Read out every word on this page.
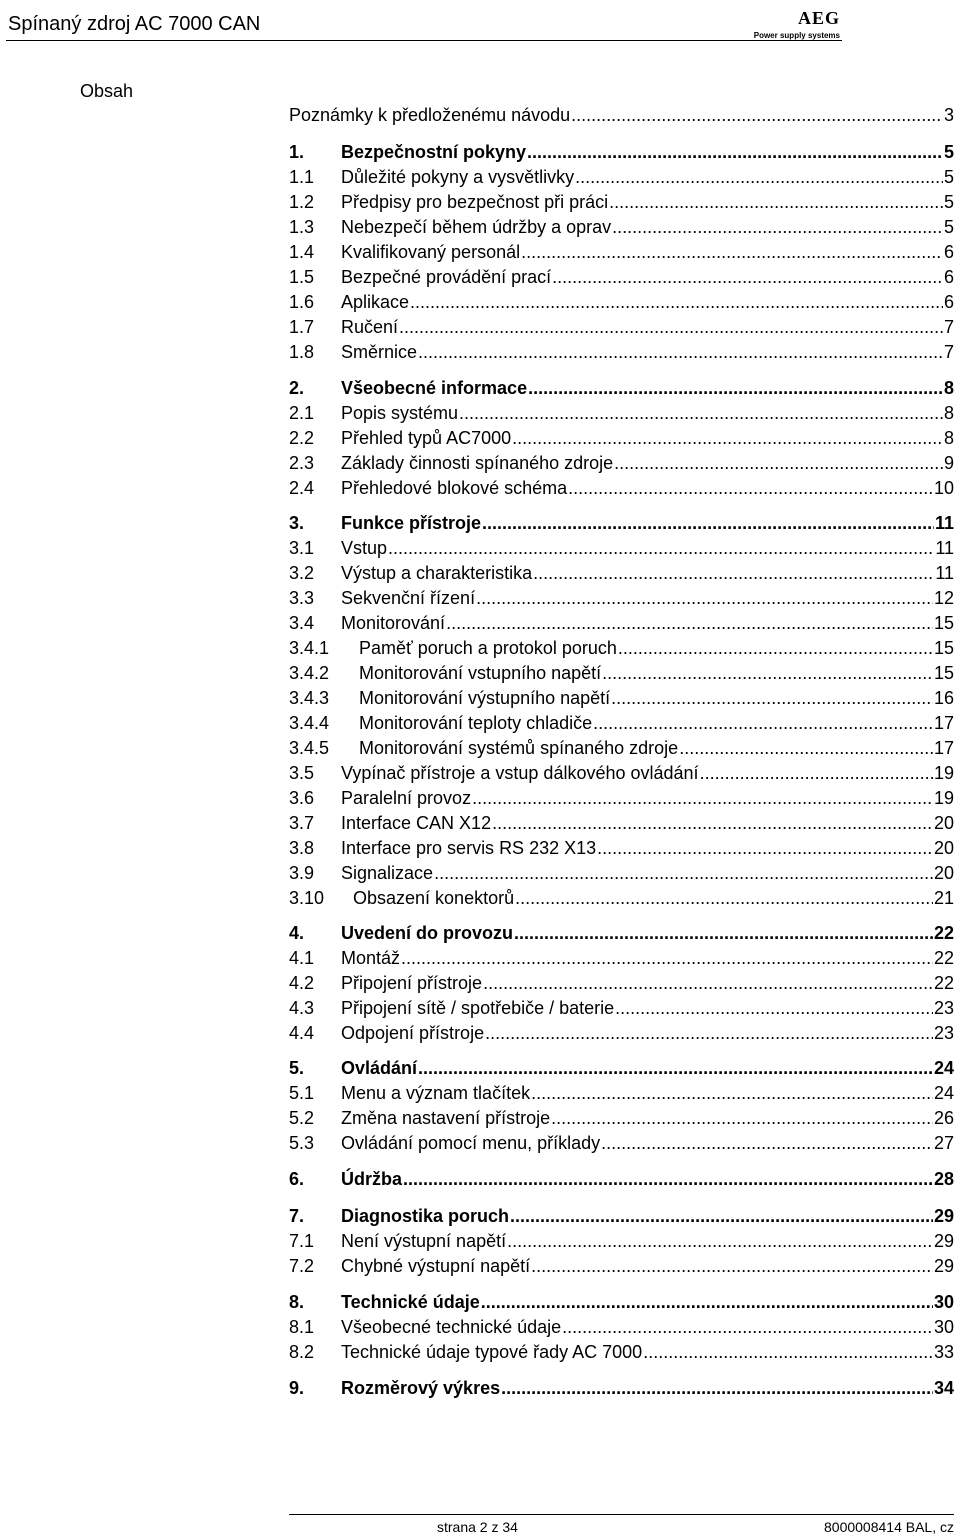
Spínaný zdroj AC 7000 CAN	AEG
Power supply systems
Obsah
Poznámky k předloženému návodu .....	3
1.	Bezpečnostní pokyny .....	5
1.1	Důležité pokyny a vysvětlivky .....	5
1.2	Předpisy pro bezpečnost při práci .....	5
1.3	Nebezpečí během údržby a oprav .....	5
1.4	Kvalifikovaný personál .....	6
1.5	Bezpečné provádění prací .....	6
1.6	Aplikace .....	6
1.7	Ručení .....	7
1.8	Směrnice .....	7
2.	Všeobecné informace .....	8
2.1	Popis systému .....	8
2.2	Přehled typů AC7000 .....	8
2.3	Základy činnosti spínaného zdroje .....	9
2.4	Přehledové blokové schéma .....	10
3.	Funkce přístroje .....	11
3.1	Vstup .....	11
3.2	Výstup a charakteristika .....	11
3.3	Sekvenční řízení .....	12
3.4	Monitorování .....	15
3.4.1	Paměť poruch a protokol poruch .....	15
3.4.2	Monitorování vstupního napětí .....	15
3.4.3	Monitorování výstupního napětí .....	16
3.4.4	Monitorování teploty chladiče .....	17
3.4.5	Monitorování systémů spínaného zdroje .....	17
3.5	Vypínač přístroje a vstup dálkového ovládání .....	19
3.6	Paralelní provoz .....	19
3.7	Interface CAN X12 .....	20
3.8	Interface pro servis RS 232 X13 .....	20
3.9	Signalizace .....	20
3.10	Obsazení konektorů .....	21
4.	Uvedení do provozu .....	22
4.1	Montáž .....	22
4.2	Připojení přístroje .....	22
4.3	Připojení sítě / spotřebiče / baterie .....	23
4.4	Odpojení přístroje .....	23
5.	Ovládání .....	24
5.1	Menu a význam tlačítek .....	24
5.2	Změna nastavení přístroje .....	26
5.3	Ovládání pomocí menu, příklady .....	27
6.	Údržba .....	28
7.	Diagnostika poruch .....	29
7.1	Není výstupní napětí .....	29
7.2	Chybné výstupní napětí .....	29
8.	Technické údaje .....	30
8.1	Všeobecné technické údaje .....	30
8.2	Technické údaje typové řady AC 7000 .....	33
9.	Rozměrový výkres .....	34
strana 2 z 34	8000008414 BAL, cz
